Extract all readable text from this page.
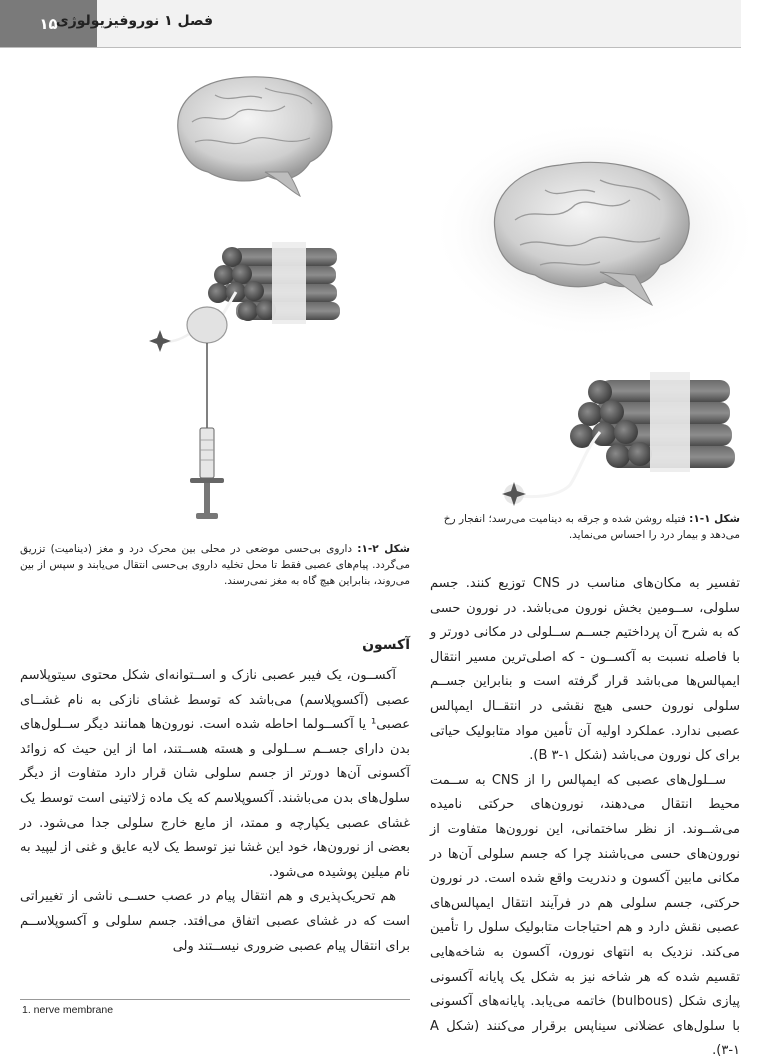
۱۵
فصل ۱ نوروفیزیولوژی
شکل ۱-۱: فتیله روشن شده و جرقه به دینامیت می‌رسد؛ انفجار رخ می‌دهد و بیمار درد را احساس می‌نماید.
شکل ۲-۱: داروی بی‌حسی موضعی در محلی بین محرک درد و مغز (دینامیت) تزریق می‌گردد. پیام‌های عصبی فقط تا محل تخلیه داروی بی‌حسی انتقال می‌یابند و سپس از بین می‌روند، بنابراین هیچ گاه به مغز نمی‌رسند. تفسیر به مکان‌های مناسب در CNS توزیع کنند. جسم سلولی، ســومین بخش نورون می‌باشد. در نورون حسی که به شرح آن پرداختیم جســم ســلولی در مکانی دورتر و با فاصله نسبت به آکســون - که اصلی‌ترین مسیر انتقال ایمپالس‌ها می‌باشد قرار گرفته است و بنابراین جســم سلولی نورون حسی هیچ نقشی در انتقــال ایمپالس عصبی ندارد. عملکرد اولیه آن تأمین مواد متابولیک حیاتی برای کل نورون می‌باشد (شکل B ۳-۱).

ســلول‌های عصبی که ایمپالس را از CNS به ســمت محیط انتقال می‌دهند، نورون‌های حرکتی نامیده می‌شــوند. از نظر ساختمانی، این نورون‌ها متفاوت از نورون‌های حسی می‌باشند چرا که جسم سلولی آن‌ها در مکانی مابین آکسون و دندریت واقع شده است. در نورون حرکتی، جسم سلولی هم در فرآیند انتقال ایمپالس‌های عصبی نقش دارد و هم احتیاجات متابولیک سلول را تأمین می‌کند. نزدیک به انتهای نورون، آکسون به شاخه‌هایی تقسیم شده که هر شاخه نیز به شکل یک پایانه آکسونی پیازی شکل (bulbous) خاتمه می‌یابد. پایانه‌های آکسونی با سلول‌های عضلانی سیناپس برقرار می‌کنند (شکل A ۳-۱).

آکسون

آکســون، یک فیبر عصبی نازک و اســتوانه‌ای شکل محتوی سیتوپلاسم عصبی (آکسوپلاسم) می‌باشد که توسط غشای نازکی به نام غشــای عصبی¹ یا آکســولما احاطه شده است. نورون‌ها همانند دیگر ســلول‌های بدن دارای جســم ســلولی و هسته هســتند، اما از این حیث که زوائد آکسونی آن‌ها دورتر از جسم سلولی شان قرار دارد متفاوت از دیگر سلول‌های بدن می‌باشند. آکسوپلاسم که یک ماده ژلاتینی است توسط یک غشای عصبی یکپارچه و ممتد، از مایع خارج سلولی جدا می‌شود. در بعضی از نورون‌ها، خود این غشا نیز توسط یک لایه عایق و غنی از لیپید به نام میلین پوشیده می‌شود.

هم تحریک‌پذیری و هم انتقال پیام در عصب حســی ناشی از تغییراتی است که در غشای عصبی اتفاق می‌افتد. جسم سلولی و آکسوپلاســم برای انتقال پیام عصبی ضروری نیســتند ولی

1. nerve membrane
